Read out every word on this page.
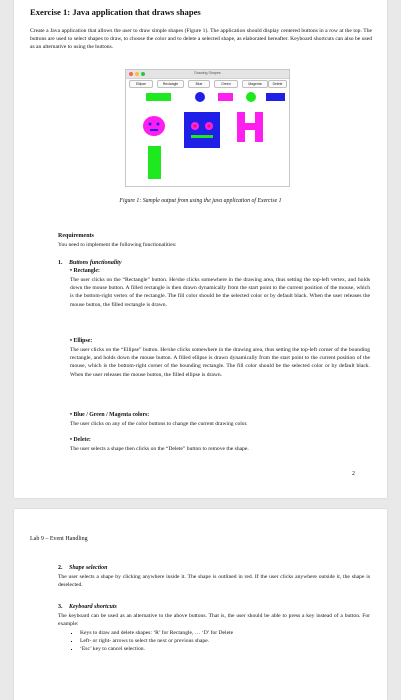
Exercise 1: Java application that draws shapes
Create a Java application that allows the user to draw simple shapes (Figure 1). The application should display centered buttons in a row at the top. The buttons are used to select shapes to draw, to choose the color and to delete a selected shape, as elaborated hereafter. Keyboard shortcuts can also be used as an alternative to using the buttons.
Drawing Shapes
Ellipse	Rectangle	Blue	Green	Magenta	Delete
Figure 1: Sample output from using the java application of Exercise 1
Requirements
You need to implement the following functionalities:
1. Buttons functionality
• Rectangle:
The user clicks on the “Rectangle” button. He/she clicks somewhere in the drawing area, thus setting the top-left vertex, and holds down the mouse button. A filled rectangle is then drawn dynamically from the start point to the current position of the mouse, which is the bottom-right vertex of the rectangle. The fill color should be the selected color or by default black. When the user releases the mouse button, the filled rectangle is drawn.
• Ellipse:
The user clicks on the “Ellipse” button. He/she clicks somewhere in the drawing area, thus setting the top-left corner of the bounding rectangle, and holds down the mouse button. A filled ellipse is drawn dynamically from the start point to the current position of the mouse, which is the bottom-right corner of the bounding rectangle. The fill color should be the selected color or by default black. When the user releases the mouse button, the filled ellipse is drawn.
• Blue / Green / Magenta colors:
The user clicks on any of the color buttons to change the current drawing color.
• Delete:
The user selects a shape then clicks on the “Delete” button to remove the shape.
2
Lab 9 – Event Handling
2. Shape selection
The user selects a shape by clicking anywhere inside it. The shape is outlined in red. If the user clicks anywhere outside it, the shape is deselected.
3. Keyboard shortcuts
The keyboard can be used as an alternative to the above buttons. That is, the user should be able to press a key instead of a button. For example:
▪ Keys to draw and delete shapes: ‘R’ for Rectangle, … ‘D’ for Delete
▪ Left- or right- arrows to select the next or previous shape.
▪ ‘Esc’ key to cancel selection.
